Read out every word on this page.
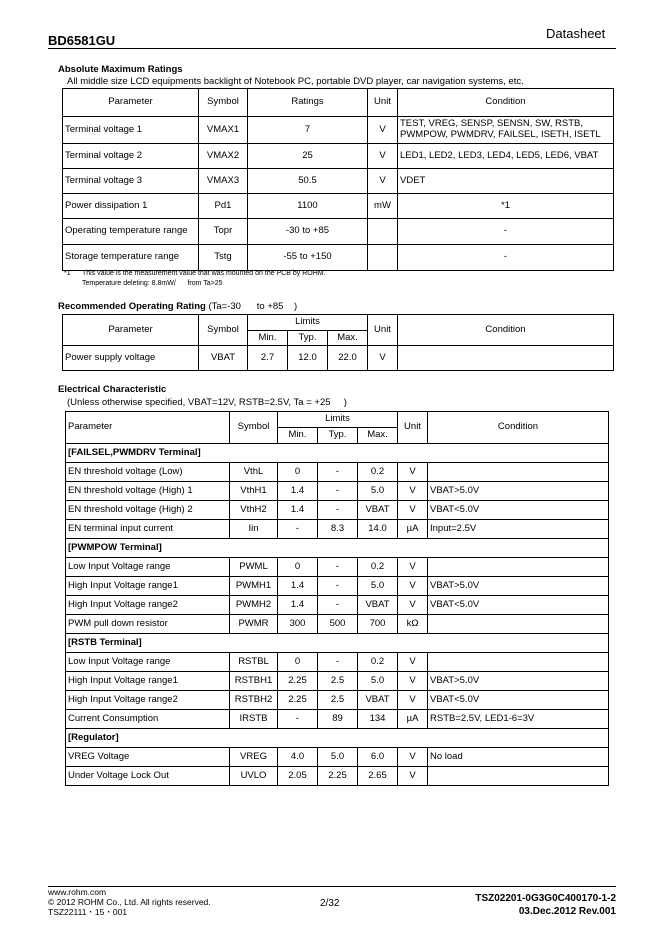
BD6581GU	Datasheet
Absolute Maximum Ratings
All middle size LCD equipments backlight of Notebook PC, portable DVD player, car navigation systems, etc.
Parameter	Symbol	Ratings	Unit	Condition
Terminal voltage 1	VMAX1	7	V	TEST, VREG, SENSP, SENSN, SW, RSTB, PWMPOW, PWMDRV, FAILSEL, ISETH, ISETL
Terminal voltage 2	VMAX2	25	V	LED1, LED2, LED3, LED4, LED5, LED6, VBAT
Terminal voltage 3	VMAX3	50.5	V	VDET
Power dissipation 1	Pd1	1100	mW	*1
Operating temperature range	Topr	-30 to +85		-
Storage temperature range	Tstg	-55 to +150		-
*1 This value is the measurement value that was mounted on the PCB by ROHM.
Temperature deleting: 8.8mW/      from Ta>25
Recommended Operating Rating (Ta=-30      to +85    )
Parameter	Symbol	Limits			Unit	Condition
		Min.	Typ.	Max.		
Power supply voltage	VBAT	2.7	12.0	22.0	V	
Electrical Characteristic
(Unless otherwise specified, VBAT=12V, RSTB=2.5V, Ta = +25     )
Parameter	Symbol	Limits			Unit	Condition
		Min.	Typ.	Max.		
[FAILSEL,PWMDRV Terminal]						
EN threshold voltage (Low)	VthL	0	-	0.2	V	
EN threshold voltage (High) 1	VthH1	1.4	-	5.0	V	VBAT>5.0V
EN threshold voltage (High) 2	VthH2	1.4	-	VBAT	V	VBAT<5.0V
EN terminal input current	Iin	-	8.3	14.0	µA	Input=2.5V
[PWMPOW Terminal]						
Low Input Voltage range	PWML	0	-	0.2	V	
High Input Voltage range1	PWMH1	1.4	-	5.0	V	VBAT>5.0V
High Input Voltage range2	PWMH2	1.4	-	VBAT	V	VBAT<5.0V
PWM pull down resistor	PWMR	300	500	700	kΩ	
[RSTB Terminal]						
Low Input Voltage range	RSTBL	0	-	0.2	V	
High Input Voltage range1	RSTBH1	2.25	2.5	5.0	V	VBAT>5.0V
High Input Voltage range2	RSTBH2	2.25	2.5	VBAT	V	VBAT<5.0V
Current Consumption	IRSTB	-	89	134	µA	RSTB=2.5V, LED1-6=3V
[Regulator]						
VREG Voltage	VREG	4.0	5.0	6.0	V	No load
Under Voltage Lock Out	UVLO	2.05	2.25	2.65	V	
www.rohm.com
© 2012 ROHM Co., Ltd. All rights reserved.
TSZ22111・15・001
2/32	TSZ02201-0G3G0C400170-1-2
03.Dec.2012 Rev.001
